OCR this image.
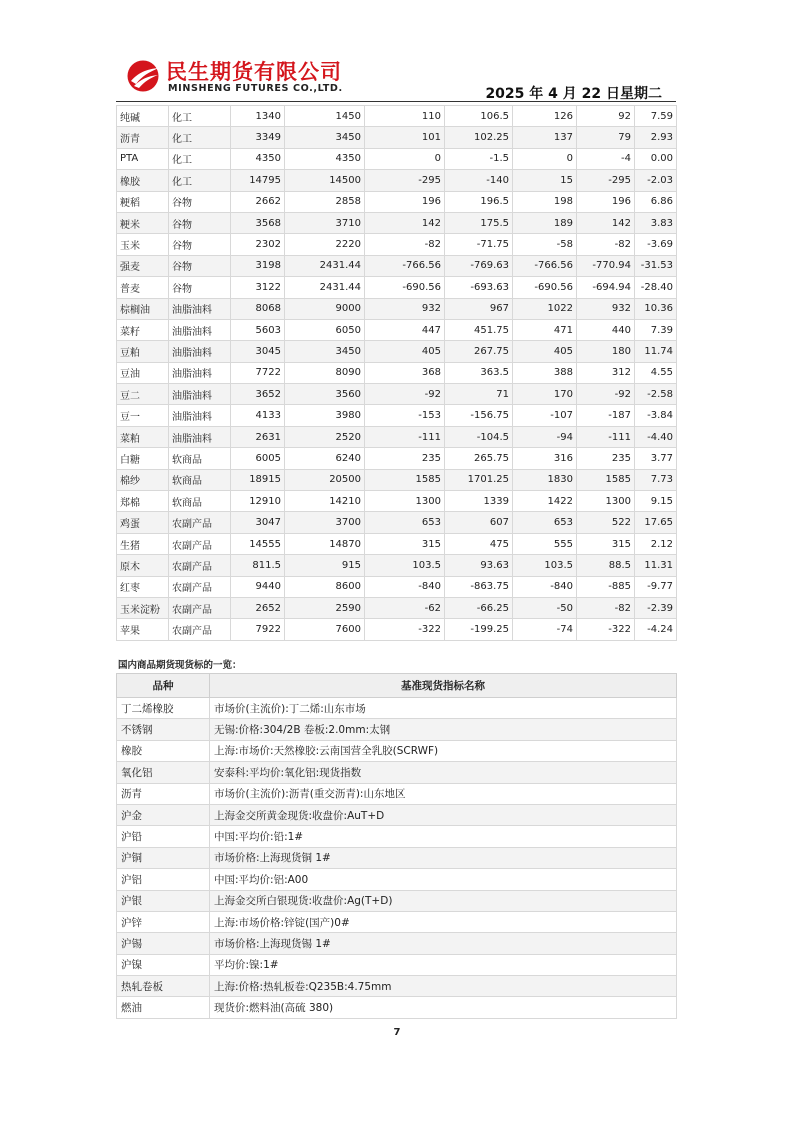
民生期货有限公司
MINSHENG FUTURES CO.,LTD.	2025 年 4 月 22 日星期二
纯碱	化工	1340	1450	110	106.5	126	92	7.59
沥青	化工	3349	3450	101	102.25	137	79	2.93
PTA	化工	4350	4350	0	-1.5	0	-4	0.00
橡胶	化工	14795	14500	-295	-140	15	-295	-2.03
粳稻	谷物	2662	2858	196	196.5	198	196	6.86
粳米	谷物	3568	3710	142	175.5	189	142	3.83
玉米	谷物	2302	2220	-82	-71.75	-58	-82	-3.69
强麦	谷物	3198	2431.44	-766.56	-769.63	-766.56	-770.94	-31.53
普麦	谷物	3122	2431.44	-690.56	-693.63	-690.56	-694.94	-28.40
棕榈油	油脂油料	8068	9000	932	967	1022	932	10.36
菜籽	油脂油料	5603	6050	447	451.75	471	440	7.39
豆粕	油脂油料	3045	3450	405	267.75	405	180	11.74
豆油	油脂油料	7722	8090	368	363.5	388	312	4.55
豆二	油脂油料	3652	3560	-92	71	170	-92	-2.58
豆一	油脂油料	4133	3980	-153	-156.75	-107	-187	-3.84
菜粕	油脂油料	2631	2520	-111	-104.5	-94	-111	-4.40
白糖	软商品	6005	6240	235	265.75	316	235	3.77
棉纱	软商品	18915	20500	1585	1701.25	1830	1585	7.73
郑棉	软商品	12910	14210	1300	1339	1422	1300	9.15
鸡蛋	农副产品	3047	3700	653	607	653	522	17.65
生猪	农副产品	14555	14870	315	475	555	315	2.12
原木	农副产品	811.5	915	103.5	93.63	103.5	88.5	11.31
红枣	农副产品	9440	8600	-840	-863.75	-840	-885	-9.77
玉米淀粉	农副产品	2652	2590	-62	-66.25	-50	-82	-2.39
苹果	农副产品	7922	7600	-322	-199.25	-74	-322	-4.24
国内商品期货现货标的一览：
品种	基准现货指标名称
丁二烯橡胶	市场价(主流价):丁二烯:山东市场
不锈钢	无锡:价格:304/2B 卷板:2.0mm:太钢
橡胶	上海:市场价:天然橡胶:云南国营全乳胶(SCRWF)
氧化铝	安泰科:平均价:氧化铝:现货指数
沥青	市场价(主流价):沥青(重交沥青):山东地区
沪金	上海金交所黄金现货:收盘价:AuT+D
沪铅	中国:平均价:铅:1#
沪铜	市场价格:上海现货铜 1#
沪铝	中国:平均价:铝:A00
沪银	上海金交所白银现货:收盘价:Ag(T+D)
沪锌	上海:市场价格:锌锭(国产)0#
沪锡	市场价格:上海现货锡 1#
沪镍	平均价:镍:1#
热轧卷板	上海:价格:热轧板卷:Q235B:4.75mm
燃油	现货价:燃料油(高硫 380)
7
